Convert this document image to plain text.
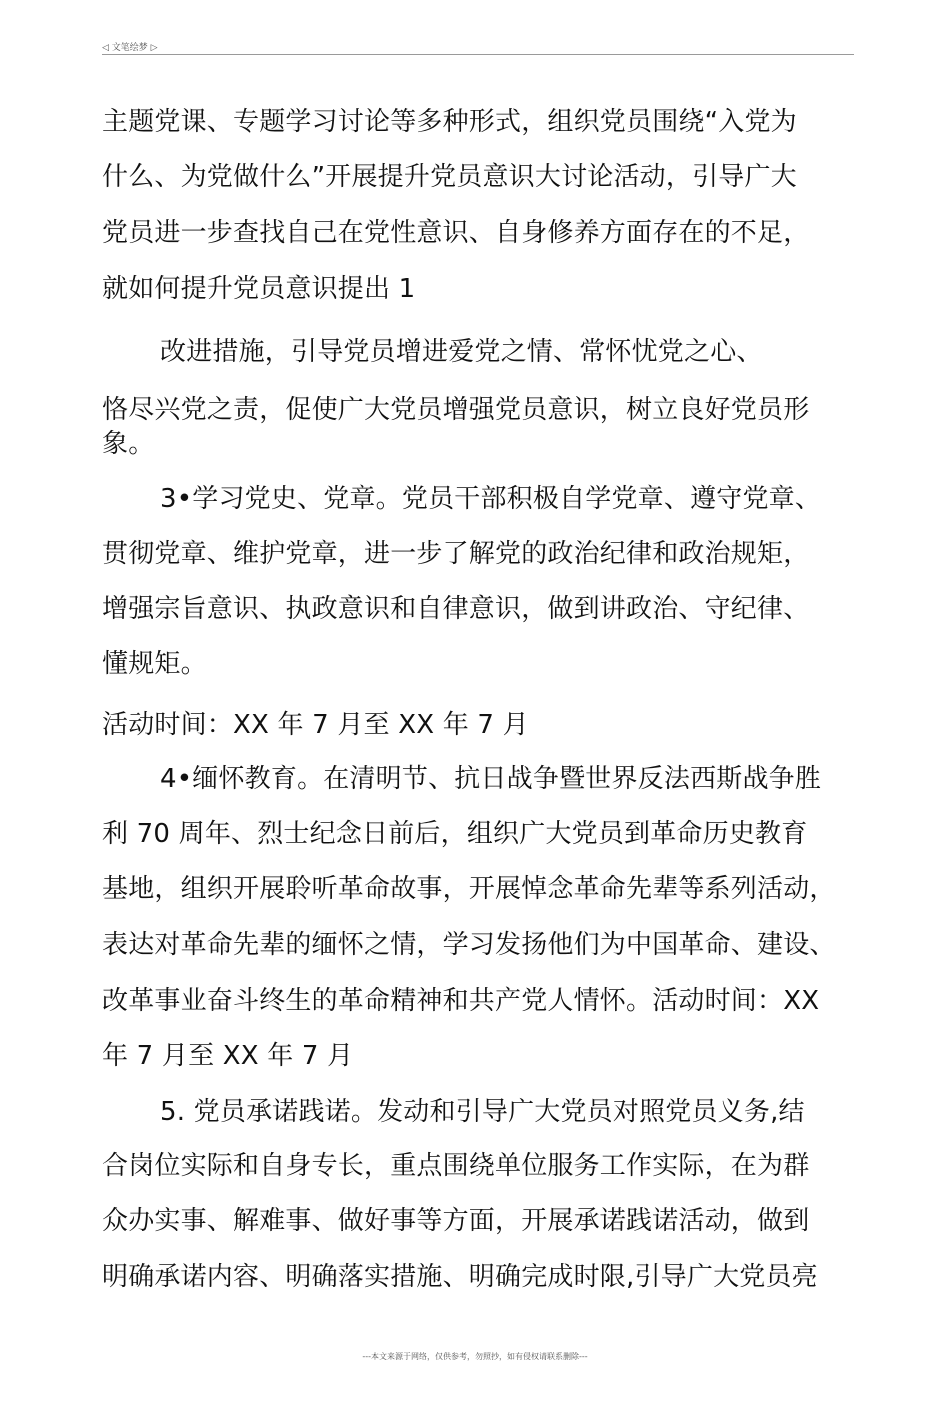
◁ 文笔绘梦 ▷
主题党课、专题学习讨论等多种形式，组织党员围绕“入党为
什么、为党做什么”开展提升党员意识大讨论活动，引导广大
党员进一步查找自己在党性意识、自身修养方面存在的不足，
就如何提升党员意识提出 1
改进措施，引导党员增进爱党之情、常怀忧党之心、
恪尽兴党之责，促使广大党员增强党员意识，树立良好党员形
象。
3•学习党史、党章。党员干部积极自学党章、遵守党章、
贯彻党章、维护党章，进一步了解党的政治纪律和政治规矩，
增强宗旨意识、执政意识和自律意识，做到讲政治、守纪律、
懂规矩。
活动时间：XX 年 7 月至 XX 年 7 月
4•缅怀教育。在清明节、抗日战争暨世界反法西斯战争胜
利 70 周年、烈士纪念日前后，组织广大党员到革命历史教育
基地，组织开展聆听革命故事，开展悼念革命先辈等系列活动，
表达对革命先辈的缅怀之情，学习发扬他们为中国革命、建设、
改革事业奋斗终生的革命精神和共产党人情怀。活动时间：XX
年 7 月至 XX 年 7 月
5. 党员承诺践诺。发动和引导广大党员对照党员义务,结
合岗位实际和自身专长，重点围绕单位服务工作实际，在为群
众办实事、解难事、做好事等方面，开展承诺践诺活动，做到
明确承诺内容、明确落实措施、明确完成时限,引导广大党员亮
---本文来源于网络，仅供参考，勿照抄，如有侵权请联系删除---
